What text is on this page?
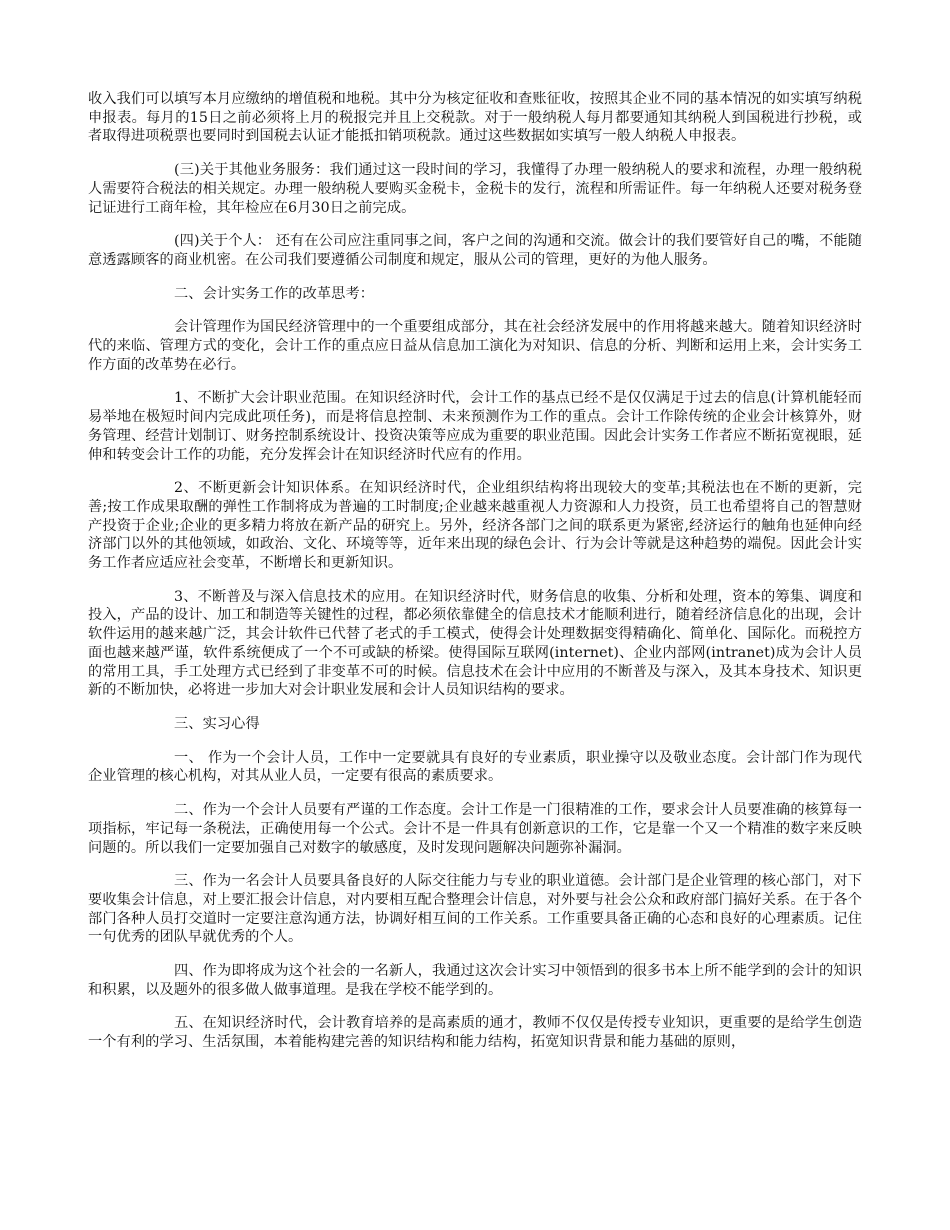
收入我们可以填写本月应缴纳的增值税和地税。其中分为核定征收和查账征收，按照其企业不同的基本情况的如实填写纳税申报表。每月的15日之前必须将上月的税报完并且上交税款。对于一般纳税人每月都要通知其纳税人到国税进行抄税，或者取得进项税票也要同时到国税去认证才能抵扣销项税款。通过这些数据如实填写一般人纳税人申报表。

(三)关于其他业务服务：我们通过这一段时间的学习，我懂得了办理一般纳税人的要求和流程，办理一般纳税人需要符合税法的相关规定。办理一般纳税人要购买金税卡，金税卡的发行，流程和所需证件。每一年纳税人还要对税务登记证进行工商年检，其年检应在6月30日之前完成。

(四)关于个人： 还有在公司应注重同事之间，客户之间的沟通和交流。做会计的我们要管好自己的嘴，不能随意透露顾客的商业机密。在公司我们要遵循公司制度和规定，服从公司的管理，更好的为他人服务。

二、会计实务工作的改革思考：

会计管理作为国民经济管理中的一个重要组成部分，其在社会经济发展中的作用将越来越大。随着知识经济时代的来临、管理方式的变化，会计工作的重点应日益从信息加工演化为对知识、信息的分析、判断和运用上来，会计实务工作方面的改革势在必行。

1、不断扩大会计职业范围。在知识经济时代，会计工作的基点已经不是仅仅满足于过去的信息(计算机能轻而易举地在极短时间内完成此项任务)，而是将信息控制、未来预测作为工作的重点。会计工作除传统的企业会计核算外，财务管理、经营计划制订、财务控制系统设计、投资决策等应成为重要的职业范围。因此会计实务工作者应不断拓宽视眼，延伸和转变会计工作的功能，充分发挥会计在知识经济时代应有的作用。

2、不断更新会计知识体系。在知识经济时代，企业组织结构将出现较大的变革;其税法也在不断的更新，完善;按工作成果取酬的弹性工作制将成为普遍的工时制度;企业越来越重视人力资源和人力投资，员工也希望将自己的智慧财产投资于企业;企业的更多精力将放在新产品的研究上。另外，经济各部门之间的联系更为紧密,经济运行的触角也延伸向经济部门以外的其他领域，如政治、文化、环境等等，近年来出现的绿色会计、行为会计等就是这种趋势的端倪。因此会计实务工作者应适应社会变革，不断增长和更新知识。

3、不断普及与深入信息技术的应用。在知识经济时代，财务信息的收集、分析和处理，资本的筹集、调度和投入，产品的设计、加工和制造等关键性的过程，都必须依靠健全的信息技术才能顺利进行，随着经济信息化的出现，会计软件运用的越来越广泛，其会计软件已代替了老式的手工模式，使得会计处理数据变得精确化、简单化、国际化。而税控方面也越来越严谨，软件系统便成了一个不可或缺的桥梁。使得国际互联网(internet)、企业内部网(intranet)成为会计人员的常用工具，手工处理方式已经到了非变革不可的时候。信息技术在会计中应用的不断普及与深入，及其本身技术、知识更新的不断加快，必将进一步加大对会计职业发展和会计人员知识结构的要求。

三、实习心得

一、 作为一个会计人员，工作中一定要就具有良好的专业素质，职业操守以及敬业态度。会计部门作为现代企业管理的核心机构，对其从业人员，一定要有很高的素质要求。

二、作为一个会计人员要有严谨的工作态度。会计工作是一门很精准的工作，要求会计人员要准确的核算每一项指标，牢记每一条税法，正确使用每一个公式。会计不是一件具有创新意识的工作，它是靠一个又一个精准的数字来反映问题的。所以我们一定要加强自己对数字的敏感度，及时发现问题解决问题弥补漏洞。

三、作为一名会计人员要具备良好的人际交往能力与专业的职业道德。会计部门是企业管理的核心部门，对下要收集会计信息，对上要汇报会计信息，对内要相互配合整理会计信息，对外要与社会公众和政府部门搞好关系。在于各个部门各种人员打交道时一定要注意沟通方法，协调好相互间的工作关系。工作重要具备正确的心态和良好的心理素质。记住一句优秀的团队早就优秀的个人。

四、作为即将成为这个社会的一名新人，我通过这次会计实习中领悟到的很多书本上所不能学到的会计的知识和积累，以及题外的很多做人做事道理。是我在学校不能学到的。

五、在知识经济时代，会计教育培养的是高素质的通才，教师不仅仅是传授专业知识，更重要的是给学生创造一个有利的学习、生活氛围，本着能构建完善的知识结构和能力结构，拓宽知识背景和能力基础的原则，
